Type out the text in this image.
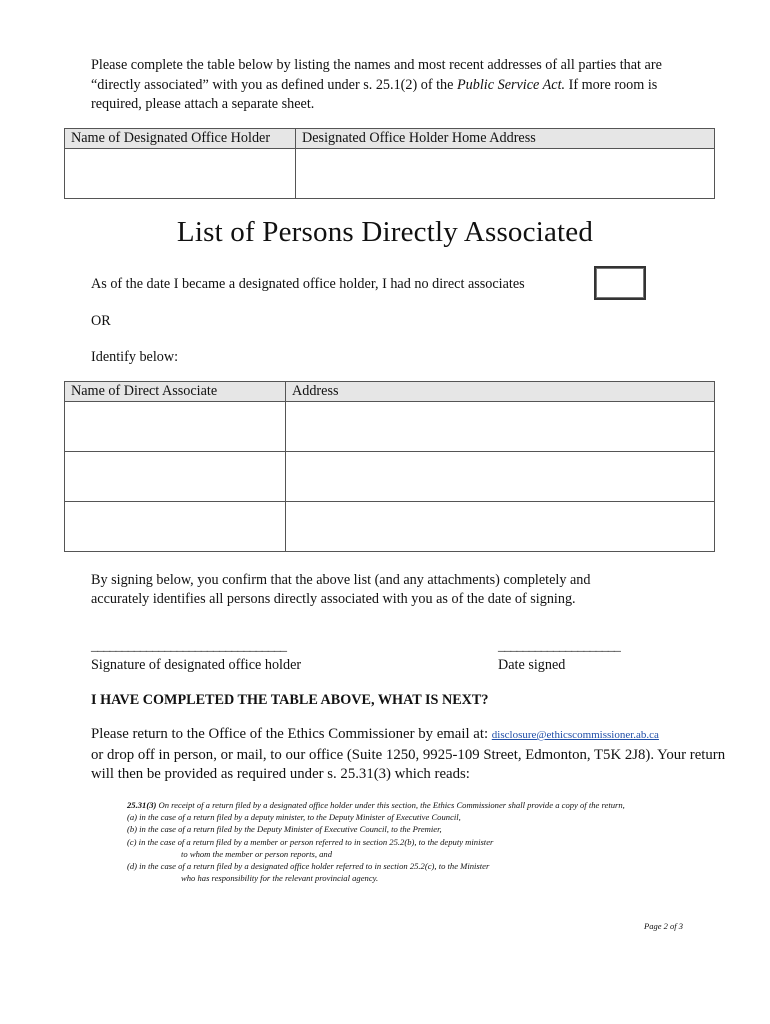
Please complete the table below by listing the names and most recent addresses of all parties that are “directly associated” with you as defined under s. 25.1(2) of the Public Service Act. If more room is required, please attach a separate sheet.
Name of Designated Office Holder	Designated Office Holder Home Address

List of Persons Directly Associated
As of the date I became a designated office holder, I had no direct associates
OR
Identify below:
Name of Direct Associate	Address

By signing below, you confirm that the above list (and any attachments) completely and accurately identifies all persons directly associated with you as of the date of signing.
________________________________
Signature of designated office holder
____________________
Date signed
I HAVE COMPLETED THE TABLE ABOVE, WHAT IS NEXT?
Please return to the Office of the Ethics Commissioner by email at: disclosure@ethicscommissioner.ab.ca
or drop off in person, or mail, to our office (Suite 1250, 9925-109 Street, Edmonton, T5K 2J8). Your return will then be provided as required under s. 25.31(3) which reads:
25.31(3) On receipt of a return filed by a designated office holder under this section, the Ethics Commissioner shall provide a copy of the return,
(a) in the case of a return filed by a deputy minister, to the Deputy Minister of Executive Council,
(b) in the case of a return filed by the Deputy Minister of Executive Council, to the Premier,
(c) in the case of a return filed by a member or person referred to in section 25.2(b), to the deputy minister
to whom the member or person reports, and
(d) in the case of a return filed by a designated office holder referred to in section 25.2(c), to the Minister
who has responsibility for the relevant provincial agency.
Page 2 of 3
